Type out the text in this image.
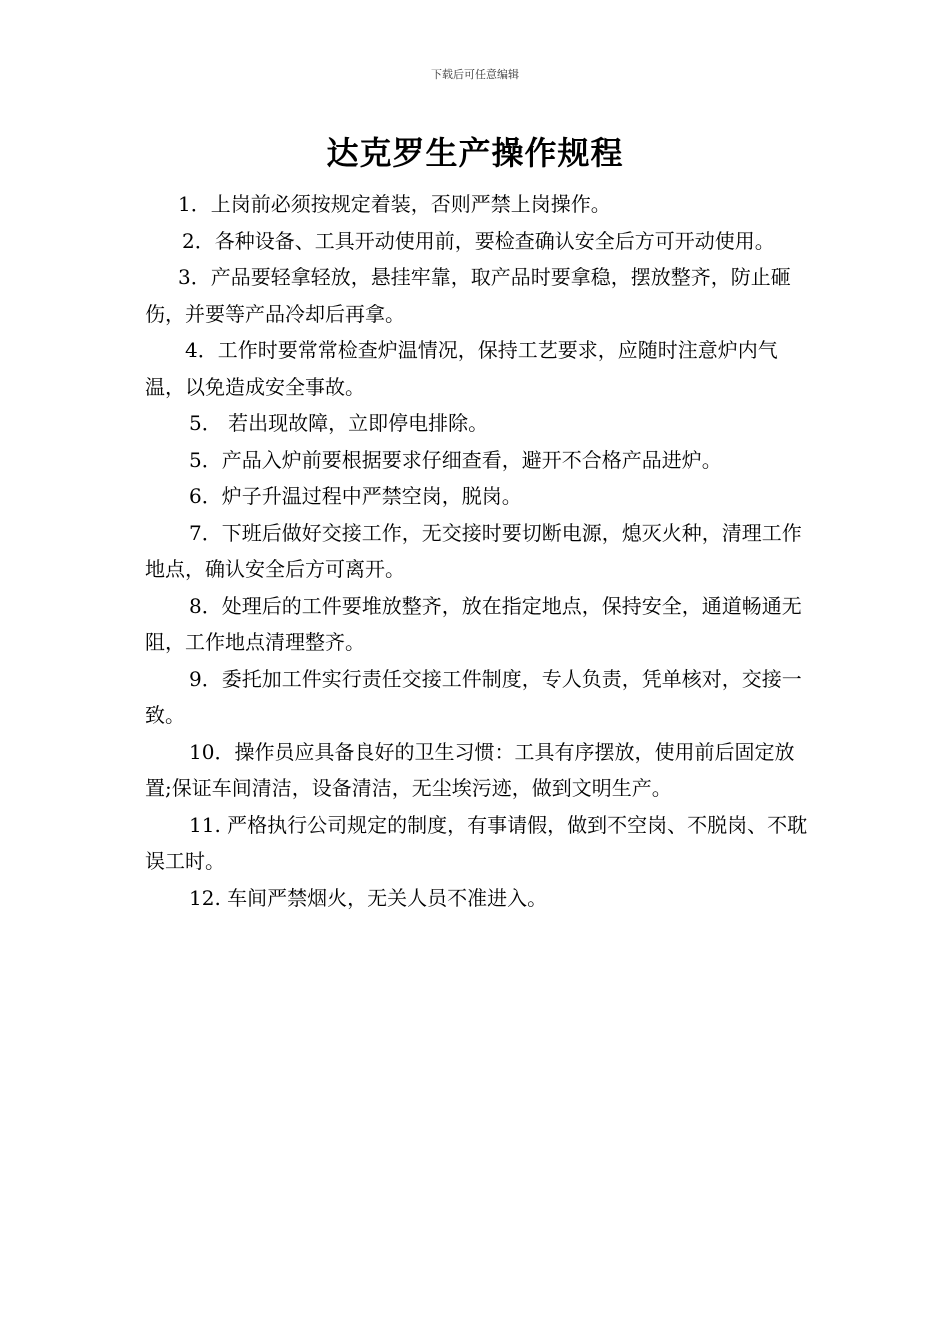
下载后可任意编辑
达克罗生产操作规程

1．上岗前必须按规定着装，否则严禁上岗操作。

2．各种设备、工具开动使用前，要检查确认安全后方可开动使用。

3．产品要轻拿轻放，悬挂牢靠，取产品时要拿稳，摆放整齐，防止砸伤，并要等产品冷却后再拿。

4．工作时要常常检查炉温情况，保持工艺要求，应随时注意炉内气温，以免造成安全事故。

5． 若出现故障，立即停电排除。

5．产品入炉前要根据要求仔细查看，避开不合格产品进炉。

6．炉子升温过程中严禁空岗，脱岗。

7．下班后做好交接工作，无交接时要切断电源，熄灭火种，清理工作地点，确认安全后方可离开。

8．处理后的工件要堆放整齐，放在指定地点，保持安全，通道畅通无阻，工作地点清理整齐。

9．委托加工件实行责任交接工件制度，专人负责，凭单核对，交接一致。

10．操作员应具备良好的卫生习惯：工具有序摆放，使用前后固定放置;保证车间清洁，设备清洁，无尘埃污迹，做到文明生产。

11. 严格执行公司规定的制度，有事请假，做到不空岗、不脱岗、不耽误工时。

12. 车间严禁烟火，无关人员不准进入。
